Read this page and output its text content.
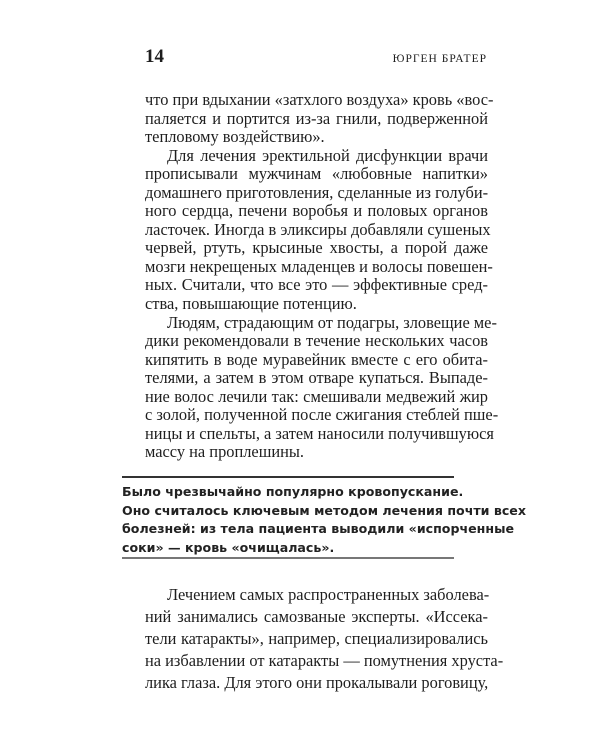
14	ЮРГЕН БРАТЕР
что при вдыхании «затхлого воздуха» кровь «вос-
паляется и портится из-за гнили, подверженной
тепловому воздействию».
Для лечения эректильной дисфункции врачи
прописывали мужчинам «любовные напитки»
домашнего приготовления, сделанные из голуби-
ного сердца, печени воробья и половых органов
ласточек. Иногда в эликсиры добавляли сушеных
червей, ртуть, крысиные хвосты, а порой даже
мозги некрещеных младенцев и волосы повешен-
ных. Считали, что все это — эффективные сред-
ства, повышающие потенцию.
Людям, страдающим от подагры, зловещие ме-
дики рекомендовали в течение нескольких часов
кипятить в воде муравейник вместе с его обита-
телями, а затем в этом отваре купаться. Выпаде-
ние волос лечили так: смешивали медвежий жир
с золой, полученной после сжигания стеблей пше-
ницы и спельты, а затем наносили получившуюся
массу на проплешины.
Было чрезвычайно популярно кровопускание.
Оно считалось ключевым методом лечения почти всех
болезней: из тела пациента выводили «испорченные
соки» — кровь «очищалась».
Лечением самых распространенных заболева-
ний занимались самозваные эксперты. «Иссека-
тели катаракты», например, специализировались
на избавлении от катаракты — помутнения хруста-
лика глаза. Для этого они прокалывали роговицу,
